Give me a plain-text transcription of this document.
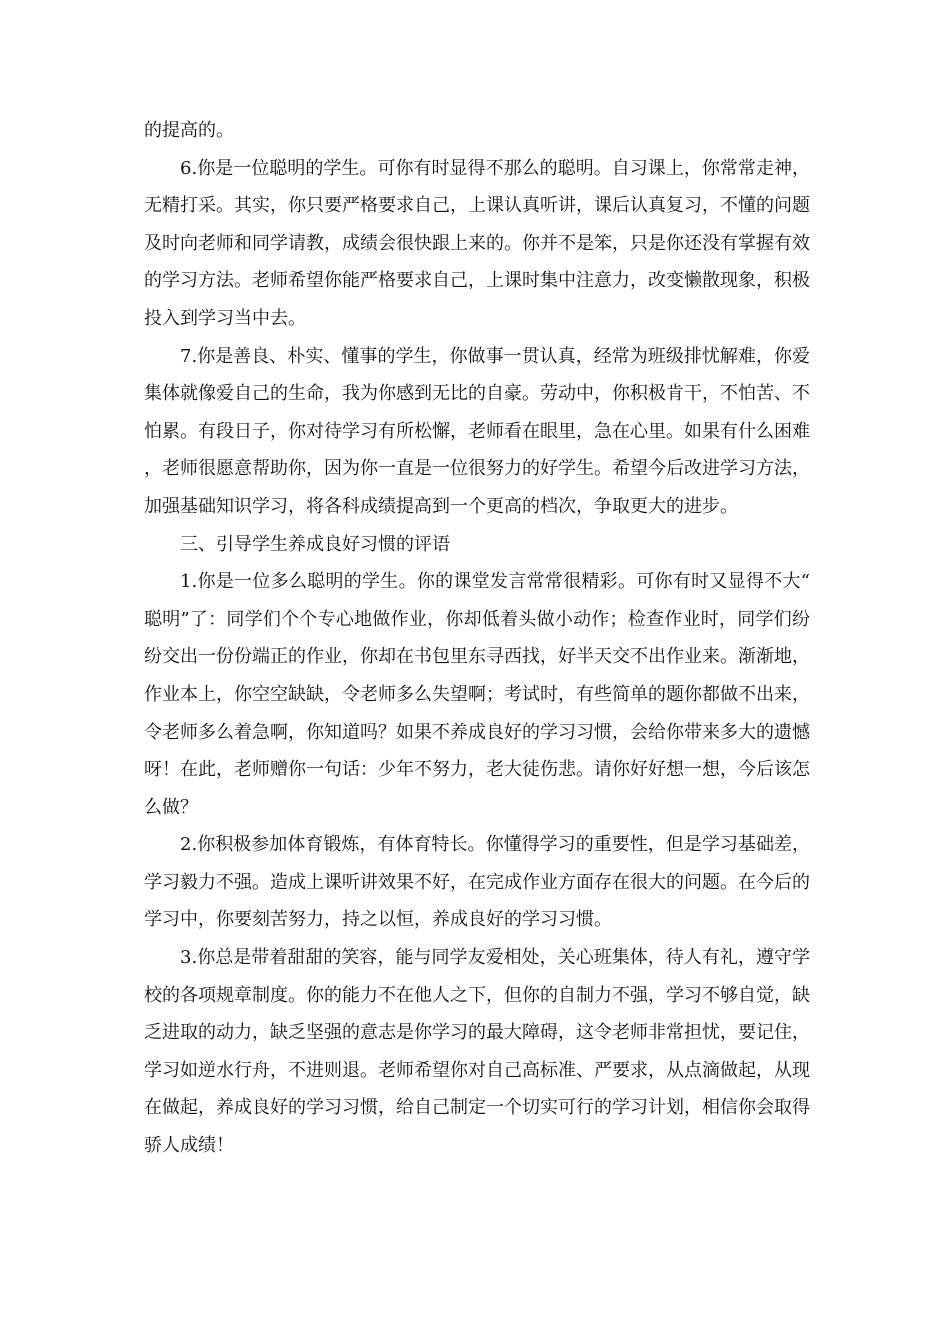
的提高的。

6.你是一位聪明的学生。可你有时显得不那么的聪明。自习课上，你常常走神，无精打采。其实，你只要严格要求自己，上课认真听讲，课后认真复习，不懂的问题及时向老师和同学请教，成绩会很快跟上来的。你并不是笨，只是你还没有掌握有效的学习方法。老师希望你能严格要求自己，上课时集中注意力，改变懒散现象，积极投入到学习当中去。

7.你是善良、朴实、懂事的学生，你做事一贯认真，经常为班级排忧解难，你爱集体就像爱自己的生命，我为你感到无比的自豪。劳动中，你积极肯干，不怕苦、不怕累。有段日子，你对待学习有所松懈，老师看在眼里，急在心里。如果有什么困难，老师很愿意帮助你，因为你一直是一位很努力的好学生。希望今后改进学习方法，加强基础知识学习，将各科成绩提高到一个更高的档次，争取更大的进步。

三、引导学生养成良好习惯的评语

1.你是一位多么聪明的学生。你的课堂发言常常很精彩。可你有时又显得不大“聪明”了：同学们个个专心地做作业，你却低着头做小动作；检查作业时，同学们纷纷交出一份份端正的作业，你却在书包里东寻西找，好半天交不出作业来。渐渐地，作业本上，你空空缺缺，令老师多么失望啊；考试时，有些简单的题你都做不出来，令老师多么着急啊，你知道吗？如果不养成良好的学习习惯，会给你带来多大的遗憾呀！在此，老师赠你一句话：少年不努力，老大徒伤悲。请你好好想一想，今后该怎么做？

2.你积极参加体育锻炼，有体育特长。你懂得学习的重要性，但是学习基础差，学习毅力不强。造成上课听讲效果不好，在完成作业方面存在很大的问题。在今后的学习中，你要刻苦努力，持之以恒，养成良好的学习习惯。

3.你总是带着甜甜的笑容，能与同学友爱相处，关心班集体，待人有礼，遵守学校的各项规章制度。你的能力不在他人之下，但你的自制力不强，学习不够自觉，缺乏进取的动力，缺乏坚强的意志是你学习的最大障碍，这令老师非常担忧，要记住，学习如逆水行舟，不进则退。老师希望你对自己高标准、严要求，从点滴做起，从现在做起，养成良好的学习习惯，给自己制定一个切实可行的学习计划，相信你会取得骄人成绩！
